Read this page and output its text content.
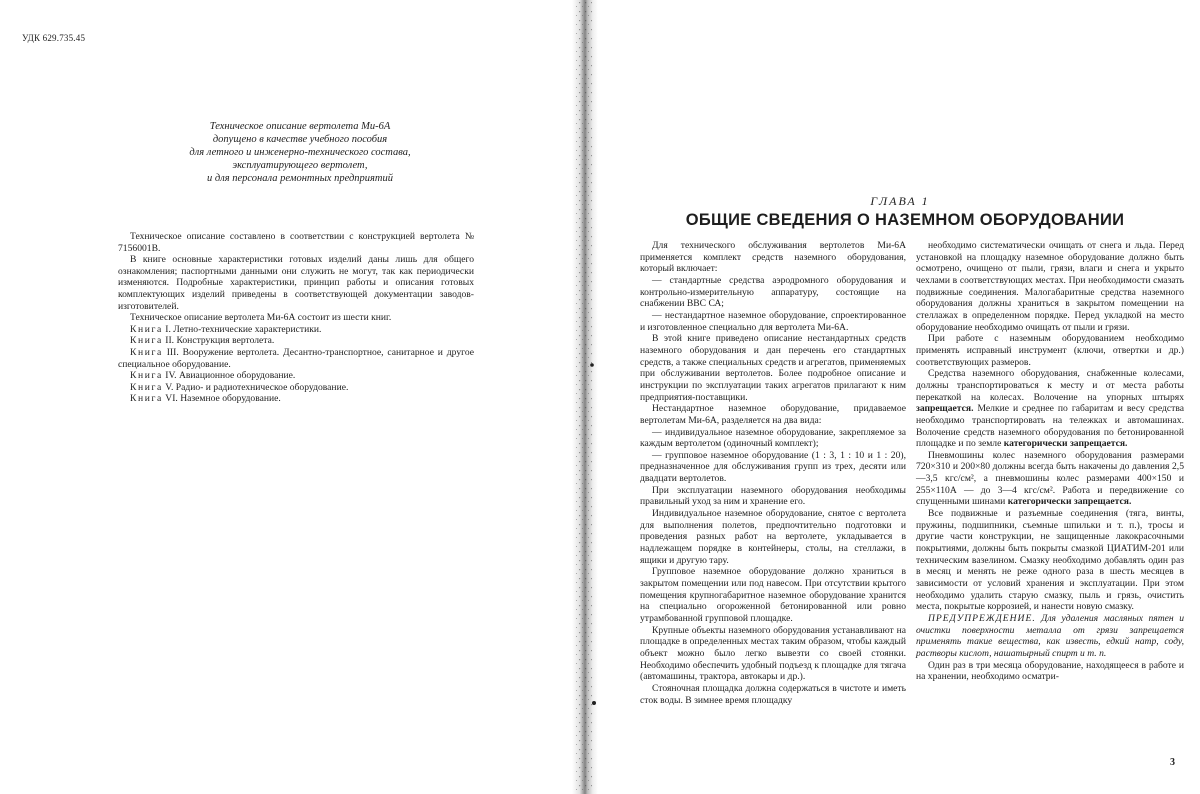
УДК 629.735.45
Техническое описание вертолета Ми-6А
допущено в качестве учебного пособия
для летного и инженерно-технического состава,
эксплуатирующего вертолет,
и для персонала ремонтных предприятий

Техническое описание составлено в соответствии с конструкцией вертолета № 7156001В.

В книге основные характеристики готовых изделий даны лишь для общего ознакомления; паспортными данными они служить не могут, так как периодически изменяются. Подробные характеристики, принцип работы и описания готовых комплектующих изделий приведены в соответствующей документации заводов-изготовителей.

Техническое описание вертолета Ми-6А состоит из шести книг.

Книга I. Летно-технические характеристики.

Книга II. Конструкция вертолета.

Книга III. Вооружение вертолета. Десантно-транспортное, санитарное и другое специальное оборудование.

Книга IV. Авиационное оборудование.

Книга V. Радио- и радиотехническое оборудование.

Книга VI. Наземное оборудование.

ГЛАВА 1
ОБЩИЕ СВЕДЕНИЯ О НАЗЕМНОМ ОБОРУДОВАНИИ

Для технического обслуживания вертолетов Ми-6А применяется комплект средств наземного оборудования, который включает:

— стандартные средства аэродромного оборудования и контрольно-измерительную аппаратуру, состоящие на снабжении ВВС СА;

— нестандартное наземное оборудование, спроектированное и изготовленное специально для вертолета Ми-6А.

В этой книге приведено описание нестандартных средств наземного оборудования и дан перечень его стандартных средств, а также специальных средств и агрегатов, применяемых при обслуживании вертолетов. Более подробное описание и инструкции по эксплуатации таких агрегатов прилагают к ним предприятия-поставщики.

Нестандартное наземное оборудование, придаваемое вертолетам Ми-6А, разделяется на два вида:

— индивидуальное наземное оборудование, закрепляемое за каждым вертолетом (одиночный комплект);

— групповое наземное оборудование (1 : 3, 1 : 10 и 1 : 20), предназначенное для обслуживания групп из трех, десяти или двадцати вертолетов.

При эксплуатации наземного оборудования необходимы правильный уход за ним и хранение его.

Индивидуальное наземное оборудование, снятое с вертолета для выполнения полетов, предпочтительно подготовки и проведения разных работ на вертолете, укладывается в надлежащем порядке в контейнеры, столы, на стеллажи, в ящики и другую тару.

Групповое наземное оборудование должно храниться в закрытом помещении или под навесом. При отсутствии крытого помещения крупногабаритное наземное оборудование хранится на специально огороженной бетонированной или ровно утрамбованной групповой площадке.

Крупные объекты наземного оборудования устанавливают на площадке в определенных местах таким образом, чтобы каждый объект можно было легко вывезти со своей стоянки. Необходимо обеспечить удобный подъезд к площадке для тягача (автомашины, трактора, автокары и др.).

Стояночная площадка должна содержаться в чистоте и иметь сток воды. В зимнее время площадку

необходимо систематически очищать от снега и льда. Перед установкой на площадку наземное оборудование должно быть осмотрено, очищено от пыли, грязи, влаги и снега и укрыто чехлами в соответствующих местах. При необходимости смазать подвижные соединения. Малогабаритные средства наземного оборудования должны храниться в закрытом помещении на стеллажах в определенном порядке. Перед укладкой на место оборудование необходимо очищать от пыли и грязи.

При работе с наземным оборудованием необходимо применять исправный инструмент (ключи, отвертки и др.) соответствующих размеров.

Средства наземного оборудования, снабженные колесами, должны транспортироваться к месту и от места работы перекаткой на колесах. Волочение на упорных штырях запрещается. Мелкие и среднее по габаритам и весу средства необходимо транспортировать на тележках и автомашинах. Волочение средств наземного оборудования по бетонированной площадке и по земле категорически запрещается.

Пневмошины колес наземного оборудования размерами 720×310 и 200×80 должны всегда быть накачены до давления 2,5—3,5 кгс/см², а пневмошины колес размерами 400×150 и 255×110А — до 3—4 кгс/см². Работа и передвижение со спущенными шинами категорически запрещается.

Все подвижные и разъемные соединения (тяга, винты, пружины, подшипники, съемные шпильки и т. п.), тросы и другие части конструкции, не защищенные лакокрасочными покрытиями, должны быть покрыты смазкой ЦИАТИМ-201 или техническим вазелином. Смазку необходимо добавлять один раз в месяц и менять не реже одного раза в шесть месяцев в зависимости от условий хранения и эксплуатации. При этом необходимо удалить старую смазку, пыль и грязь, очистить места, покрытые коррозией, и нанести новую смазку.

ПРЕДУПРЕЖДЕНИЕ. Для удаления масляных пятен и очистки поверхности металла от грязи запрещается применять такие вещества, как известь, едкий натр, соду, растворы кислот, нашатырный спирт и т. п.

Один раз в три месяца оборудование, находящееся в работе и на хранении, необходимо осматри-

3
